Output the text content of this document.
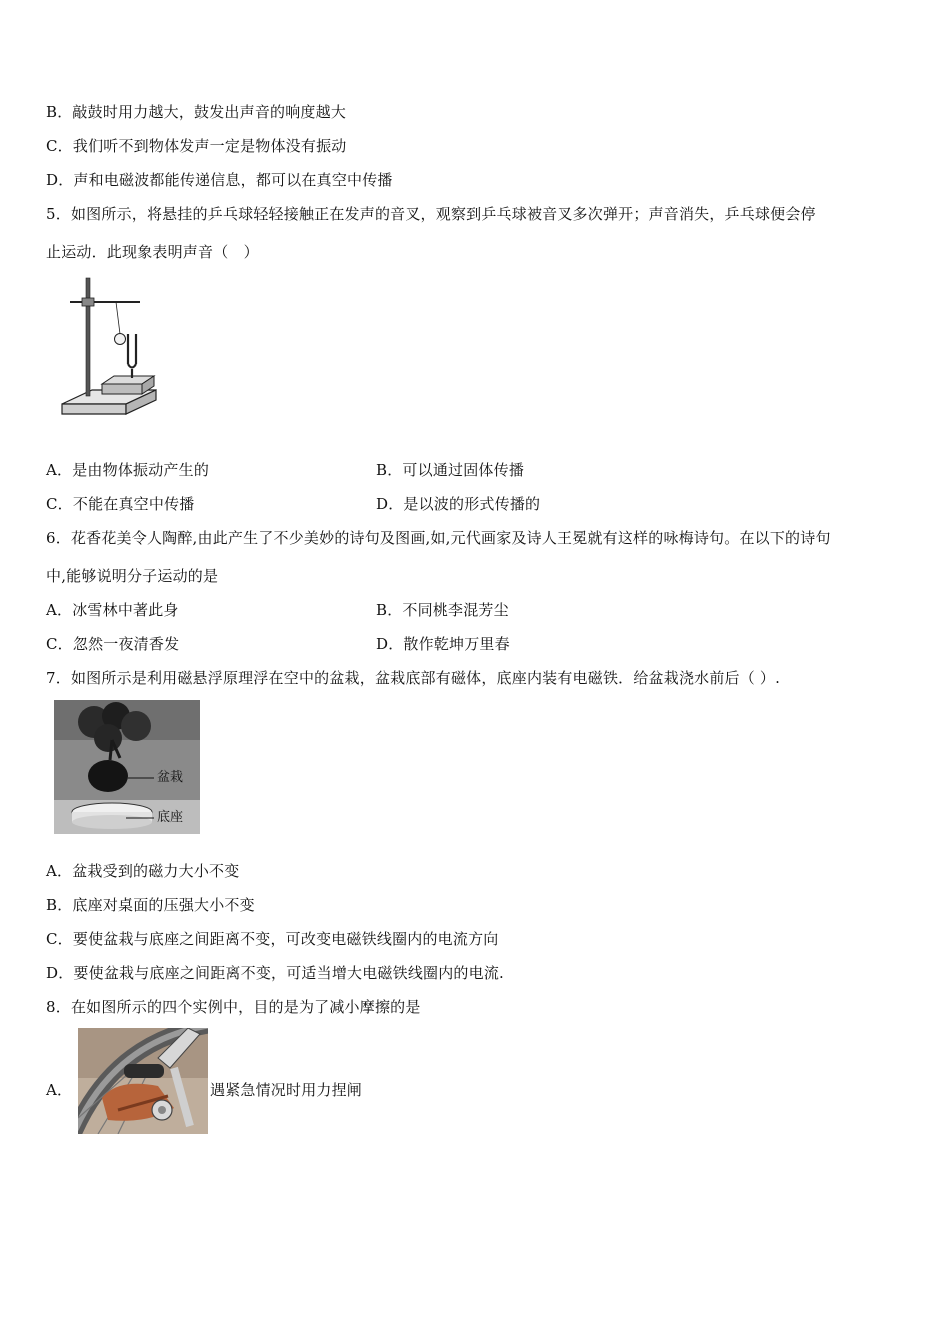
B．敲鼓时用力越大，鼓发出声音的响度越大
C．我们听不到物体发声一定是物体没有振动
D．声和电磁波都能传递信息，都可以在真空中传播
5．如图所示，将悬挂的乒乓球轻轻接触正在发声的音叉，观察到乒乓球被音叉多次弹开；声音消失，乒乓球便会停
止运动．此现象表明声音（　）
A．是由物体振动产生的	B．可以通过固体传播
C．不能在真空中传播	D．是以波的形式传播的
6．花香花美令人陶醉,由此产生了不少美妙的诗句及图画,如,元代画家及诗人王冕就有这样的咏梅诗句。在以下的诗句
中,能够说明分子运动的是
A．冰雪林中著此身	B．不同桃李混芳尘
C．忽然一夜清香发	D．散作乾坤万里春
7．如图所示是利用磁悬浮原理浮在空中的盆栽，盆栽底部有磁体，底座内装有电磁铁．给盆栽浇水前后（ ）.
盆栽
底座
A．盆栽受到的磁力大小不变
B．底座对桌面的压强大小不变
C．要使盆栽与底座之间距离不变，可改变电磁铁线圈内的电流方向
D．要使盆栽与底座之间距离不变，可适当增大电磁铁线圈内的电流.
8．在如图所示的四个实例中，目的是为了减小摩擦的是
A．	遇紧急情况时用力捏闸
